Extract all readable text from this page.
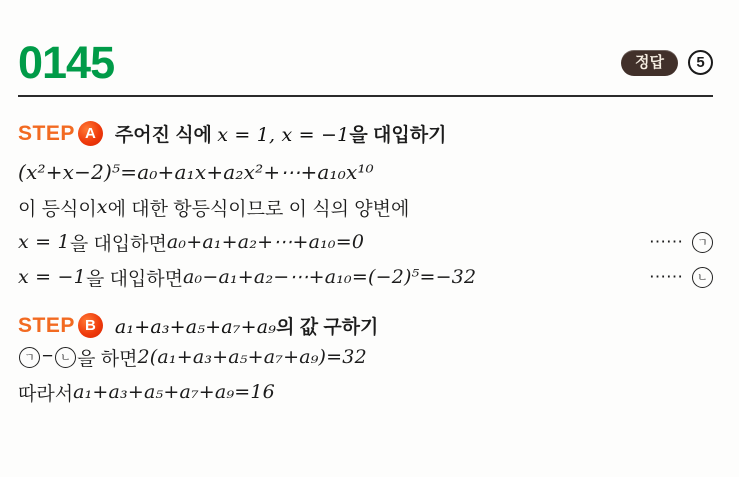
0145	정답	5
STEP A	주어진 식에 x = 1, x = −1을 대입하기
(x²+x−2)⁵=a₀+a₁x+a₂x²+⋯+a₁₀x¹⁰
이 등식이 x 에 대한 항등식이므로 이 식의 양변에
x = 1 을 대입하면 a₀+a₁+a₂+⋯+a₁₀=0	⋯⋯	ㄱ
x = −1 을 대입하면 a₀−a₁+a₂−⋯+a₁₀=(−2)⁵=−32	⋯⋯	ㄴ
STEP B	a₁+a₃+a₅+a₇+a₉의 값 구하기
ㄱ − ㄴ 을 하면 2(a₁+a₃+a₅+a₇+a₉)=32
따라서 a₁+a₃+a₅+a₇+a₉=16
